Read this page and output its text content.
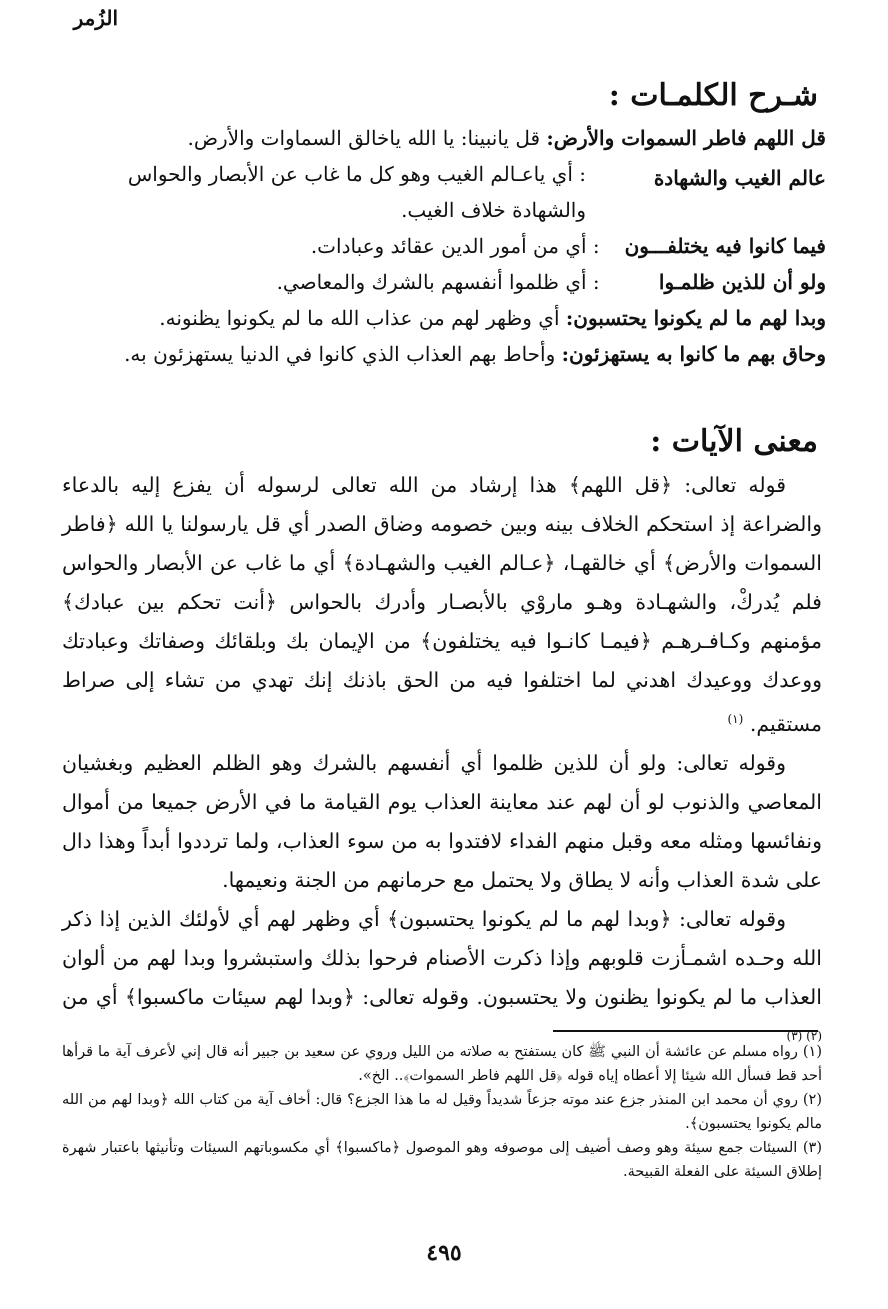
الزُمر
شـرح الكلمـات :
قل اللهم فاطر السموات والأرض: قل يانبينا: يا الله ياخالق السماوات والأرض.
عالم الغيب والشهادة
: أي ياعـالم الغيب وهو كل ما غاب عن الأبصار والحواس والشهادة خلاف الغيب.
فيما كانوا فيه يختلفـــون : أي من أمور الدين عقائد وعبادات.
ولو أن للذين ظلمـوا : أي ظلموا أنفسهم بالشرك والمعاصي.
وبدا لهم ما لم يكونوا يحتسبون: أي وظهر لهم من عذاب الله ما لم يكونوا يظنونه.
وحاق بهم ما كانوا به يستهزئون: وأحاط بهم العذاب الذي كانوا في الدنيا يستهزئون به.
معنى الآيات :

قوله تعالى: ﴿قل اللهم﴾ هذا إرشاد من الله تعالى لرسوله أن يفزع إليه بالدعاء والضراعة إذ استحكم الخلاف بينه وبين خصومه وضاق الصدر أي قل يارسولنا يا الله ﴿فاطر السموات والأرض﴾ أي خالقهـا، ﴿عـالم الغيب والشهـادة﴾ أي ما غاب عن الأبصار والحواس فلم يُدركْ، والشهـادة وهـو ماروْي بالأبصـار وأدرك بالحواس ﴿أنت تحكم بين عبادك﴾ مؤمنهم وكـافـرهـم ﴿فيمـا كانـوا فيه يختلفون﴾ من الإيمان بك وبلقائك وصفاتك وعبادتك ووعدك ووعيدك اهدني لما اختلفوا فيه من الحق باذنك إنك تهدي من تشاء إلى صراط مستقيم. $^{(١)}$

وقوله تعالى: ولو أن للذين ظلموا أي أنفسهم بالشرك وهو الظلم العظيم وبغشيان المعاصي والذنوب لو أن لهم عند معاينة العذاب يوم القيامة ما في الأرض جميعا من أموال ونفائسها ومثله معه وقبل منهم الفداء لافتدوا به من سوء العذاب، ولما ترددوا أبداً وهذا دال على شدة العذاب وأنه لا يطاق ولا يحتمل مع حرمانهم من الجنة ونعيمها.

وقوله تعالى: ﴿وبدا لهم ما لم يكونوا يحتسبون﴾ أي وظهر لهم أي لأولئك الذين إذا ذكر الله وحـده اشمـأزت قلوبهم وإذا ذكرت الأصنام فرحوا بذلك واستبشروا وبدا لهم من ألوان العذاب ما لم يكونوا يظنون ولا يحتسبون. وقوله تعالى: ﴿وبدا لهم سيئات ماكسبوا﴾ أي من $^{(٢) (٣)}$

(١) رواه مسلم عن عائشة أن النبي ﷺ كان يستفتح به صلاته من الليل وروي عن سعيد بن جبير أنه قال إني لأعرف آية ما قرأها أحد قط فسأل الله شيئا إلا أعطاه إياه قوله ﴿قل اللهم فاطر السموات﴾.. الخ».

(٢) روي أن محمد ابن المنذر جزع عند موته جزعاً شديداً وقيل له ما هذا الجزع؟ قال: أخاف آية من كتاب الله ﴿وبدا لهم من الله مالم يكونوا يحتسبون﴾.

(٣) السيئات جمع سيئة وهو وصف أضيف إلى موصوفه وهو الموصول ﴿ماكسبوا﴾ أي مكسوباتهم السيئات وتأنيثها باعتبار شهرة إطلاق السيئة على الفعلة القبيحة.

٤٩٥
